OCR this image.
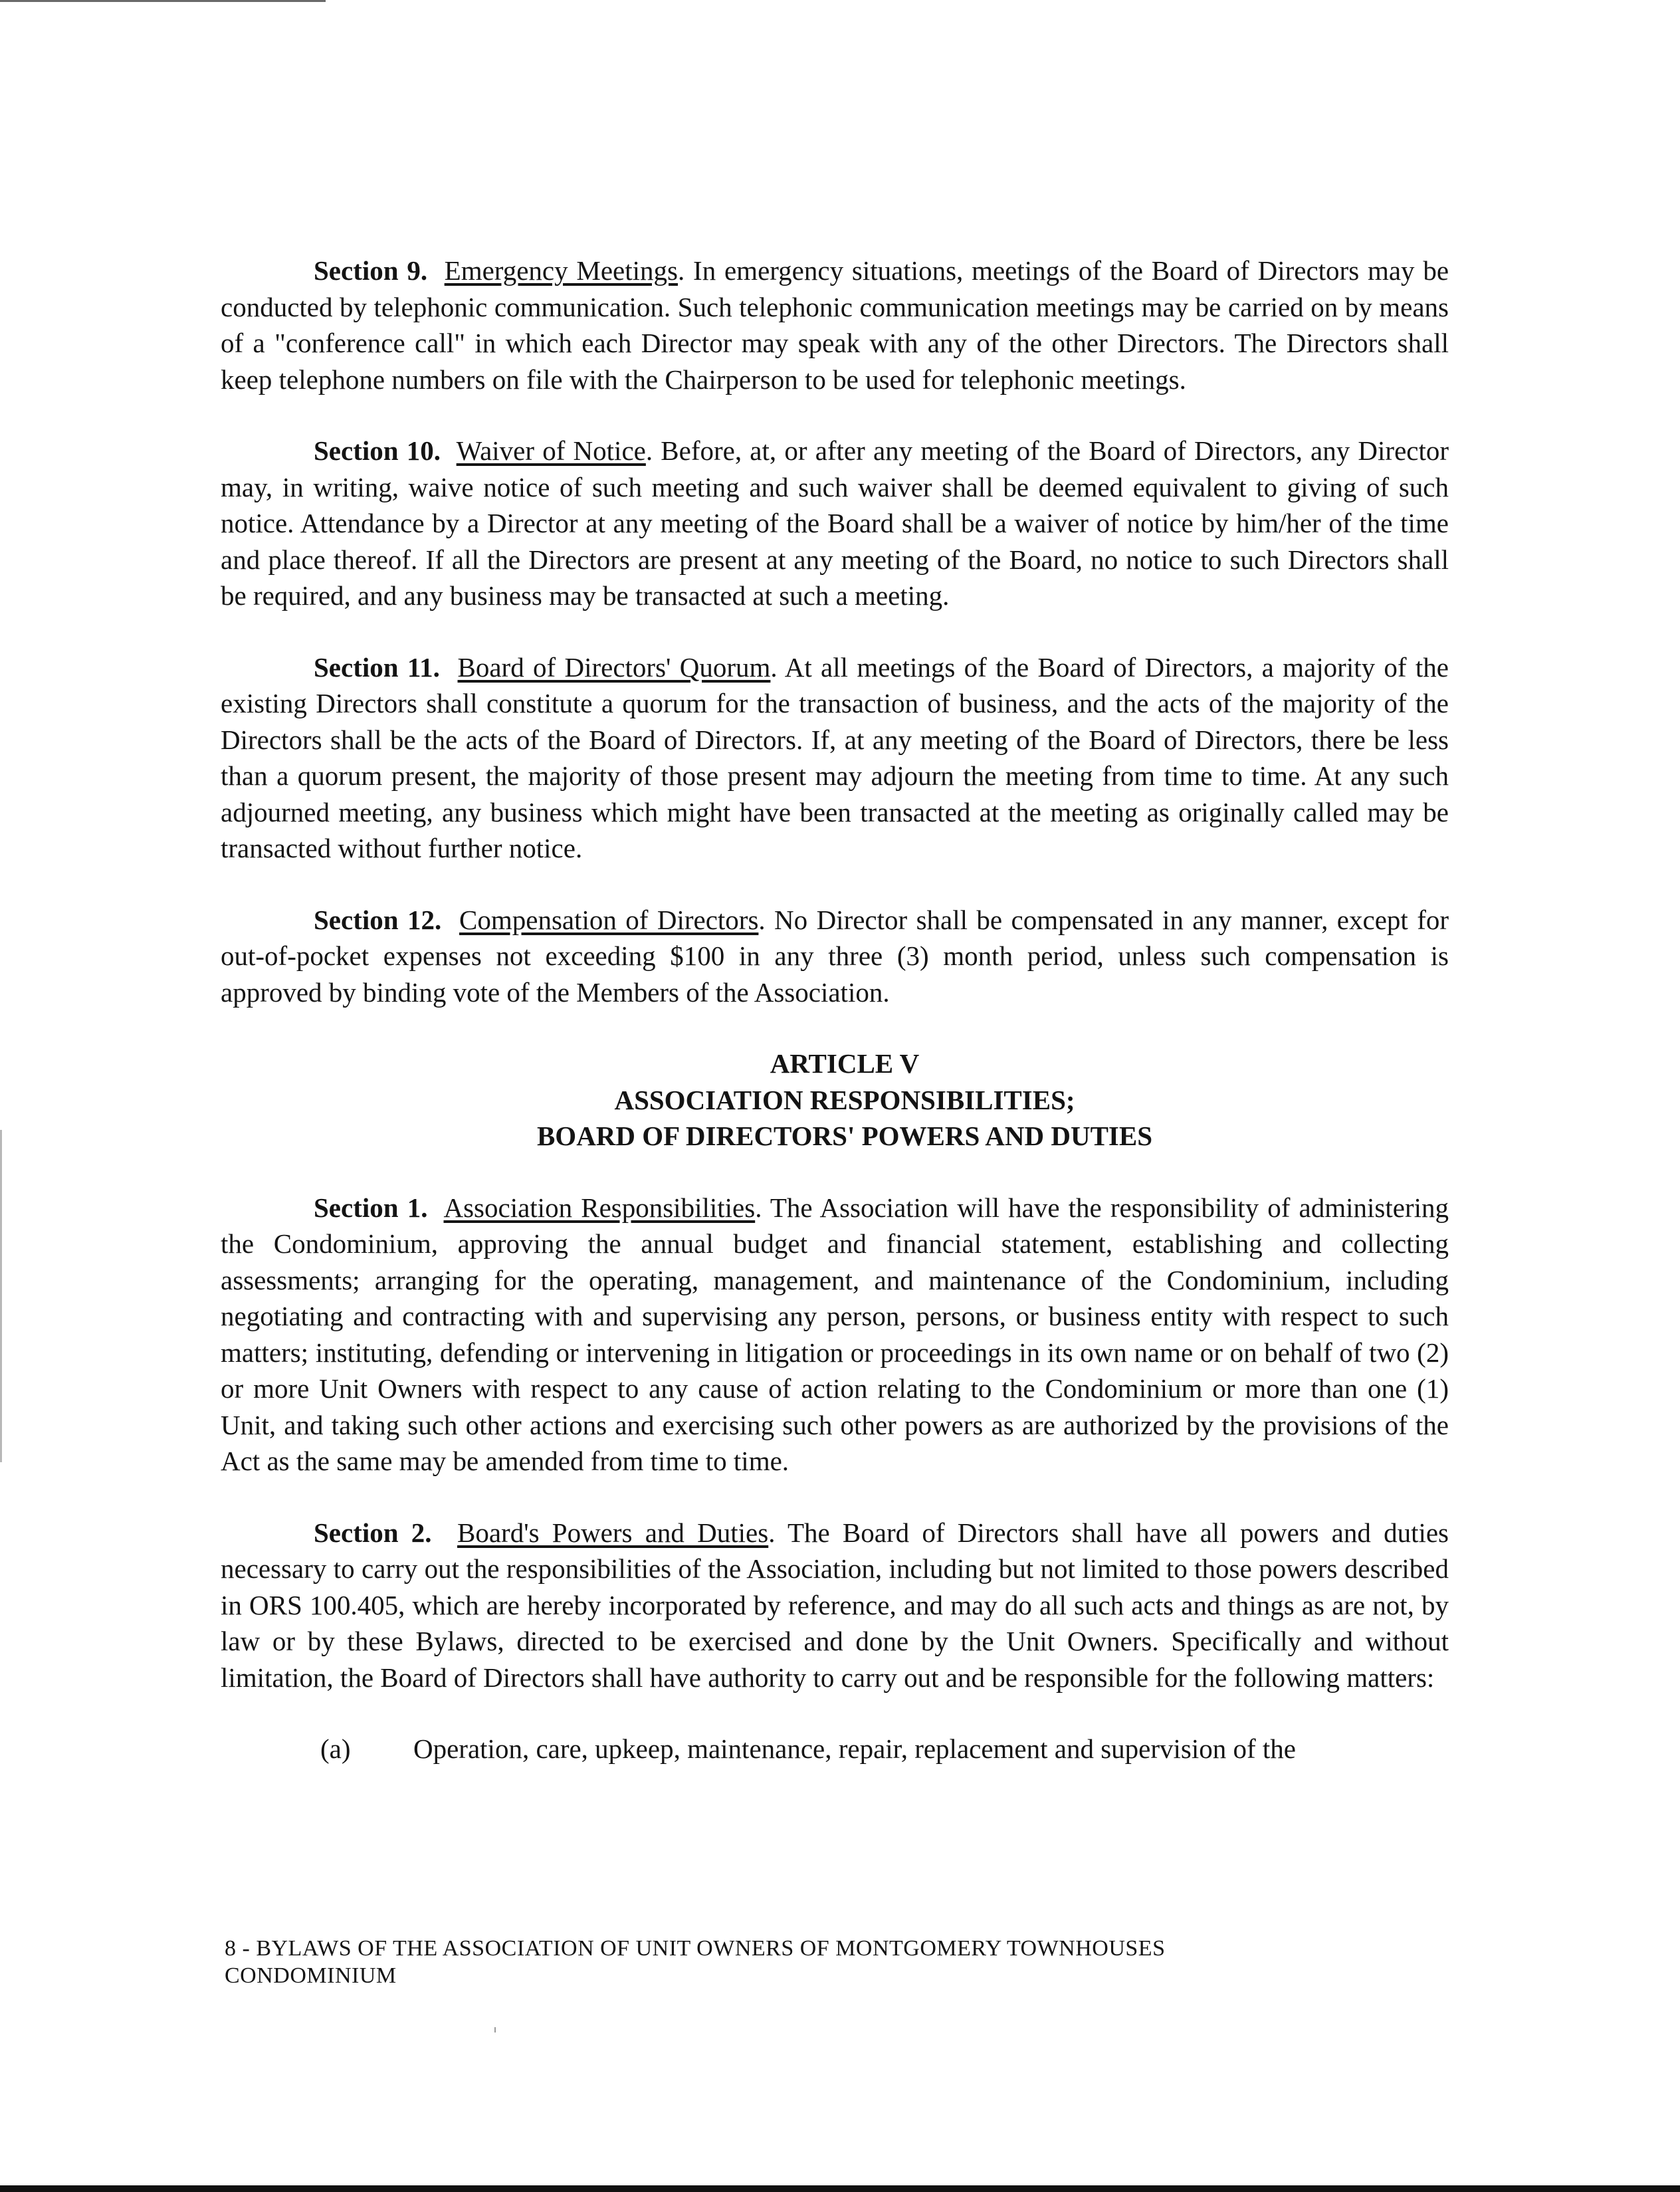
Section 9. Emergency Meetings. In emergency situations, meetings of the Board of Directors may be conducted by telephonic communication. Such telephonic communication meetings may be carried on by means of a "conference call" in which each Director may speak with any of the other Directors. The Directors shall keep telephone numbers on file with the Chairperson to be used for telephonic meetings.

Section 10. Waiver of Notice. Before, at, or after any meeting of the Board of Directors, any Director may, in writing, waive notice of such meeting and such waiver shall be deemed equivalent to giving of such notice. Attendance by a Director at any meeting of the Board shall be a waiver of notice by him/her of the time and place thereof. If all the Directors are present at any meeting of the Board, no notice to such Directors shall be required, and any business may be transacted at such a meeting.

Section 11. Board of Directors' Quorum. At all meetings of the Board of Directors, a majority of the existing Directors shall constitute a quorum for the transaction of business, and the acts of the majority of the Directors shall be the acts of the Board of Directors. If, at any meeting of the Board of Directors, there be less than a quorum present, the majority of those present may adjourn the meeting from time to time. At any such adjourned meeting, any business which might have been transacted at the meeting as originally called may be transacted without further notice.

Section 12. Compensation of Directors. No Director shall be compensated in any manner, except for out-of-pocket expenses not exceeding $100 in any three (3) month period, unless such compensation is approved by binding vote of the Members of the Association.

ARTICLE V
ASSOCIATION RESPONSIBILITIES;
BOARD OF DIRECTORS' POWERS AND DUTIES

Section 1. Association Responsibilities. The Association will have the responsibility of administering the Condominium, approving the annual budget and financial statement, establishing and collecting assessments; arranging for the operating, management, and maintenance of the Condominium, including negotiating and contracting with and supervising any person, persons, or business entity with respect to such matters; instituting, defending or intervening in litigation or proceedings in its own name or on behalf of two (2) or more Unit Owners with respect to any cause of action relating to the Condominium or more than one (1) Unit, and taking such other actions and exercising such other powers as are authorized by the provisions of the Act as the same may be amended from time to time.

Section 2. Board's Powers and Duties. The Board of Directors shall have all powers and duties necessary to carry out the responsibilities of the Association, including but not limited to those powers described in ORS 100.405, which are hereby incorporated by reference, and may do all such acts and things as are not, by law or by these Bylaws, directed to be exercised and done by the Unit Owners. Specifically and without limitation, the Board of Directors shall have authority to carry out and be responsible for the following matters:

(a) Operation, care, upkeep, maintenance, repair, replacement and supervision of the

8 - BYLAWS OF THE ASSOCIATION OF UNIT OWNERS OF MONTGOMERY TOWNHOUSES
CONDOMINIUM
